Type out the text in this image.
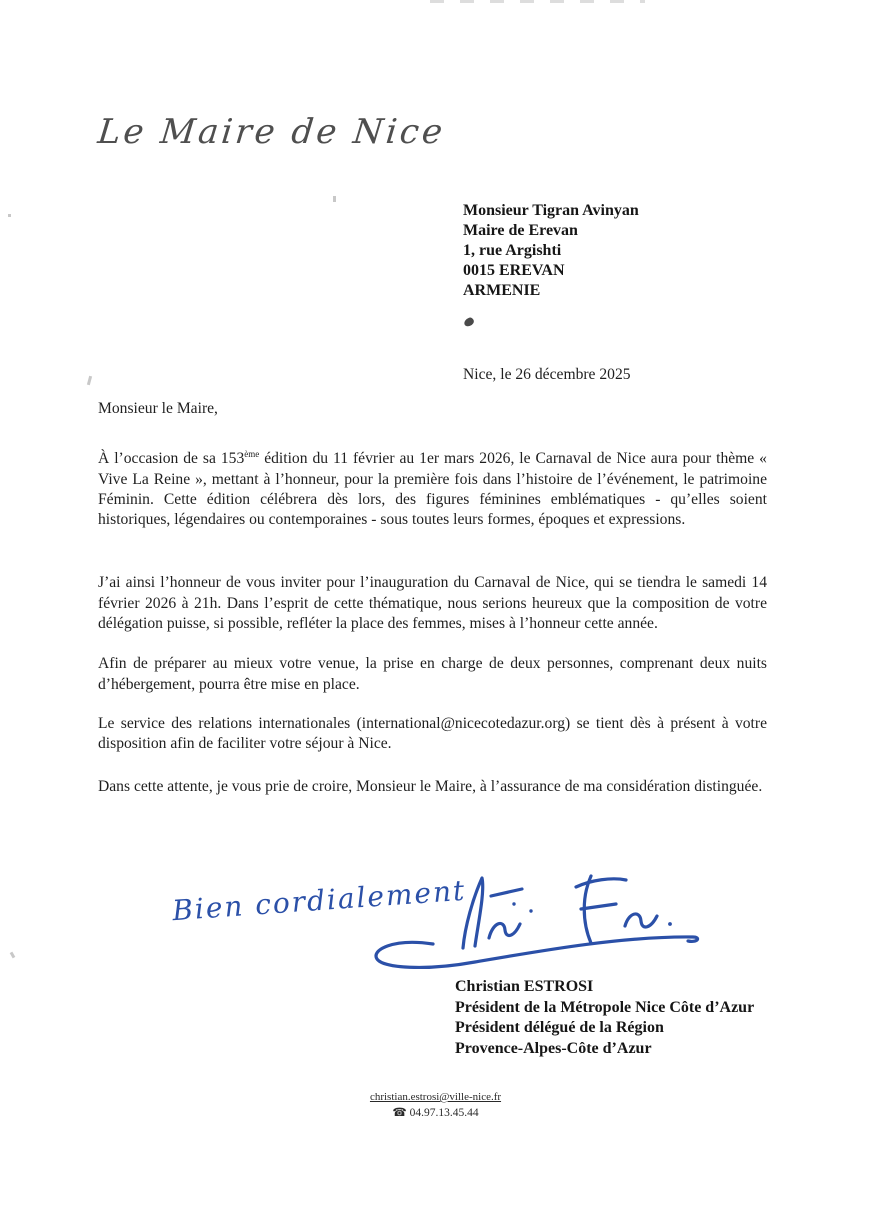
Le Maire de Nice
Monsieur Tigran Avinyan
Maire de Erevan
1, rue Argishti
0015 EREVAN
ARMENIE
Nice, le 26 décembre 2025

Monsieur le Maire,

À l’occasion de sa 153ème édition du 11 février au 1er mars 2026, le Carnaval de Nice aura pour thème « Vive La Reine », mettant à l’honneur, pour la première fois dans l’histoire de l’événement, le patrimoine Féminin. Cette édition célébrera dès lors, des figures féminines emblématiques - qu’elles soient historiques, légendaires ou contemporaines - sous toutes leurs formes, époques et expressions.

J’ai ainsi l’honneur de vous inviter pour l’inauguration du Carnaval de Nice, qui se tiendra le samedi 14 février 2026 à 21h. Dans l’esprit de cette thématique, nous serions heureux que la composition de votre délégation puisse, si possible, refléter la place des femmes, mises à l’honneur cette année.

Afin de préparer au mieux votre venue, la prise en charge de deux personnes, comprenant deux nuits d’hébergement, pourra être mise en place.

Le service des relations internationales (international@nicecotedazur.org) se tient dès à présent à votre disposition afin de faciliter votre séjour à Nice.

Dans cette attente, je vous prie de croire, Monsieur le Maire, à l’assurance de ma considération distinguée.

Bien cordialement
Christian ESTROSI
Président de la Métropole Nice Côte d’Azur
Président délégué de la Région
Provence-Alpes-Côte d’Azur
christian.estrosi@ville-nice.fr
☎ 04.97.13.45.44
